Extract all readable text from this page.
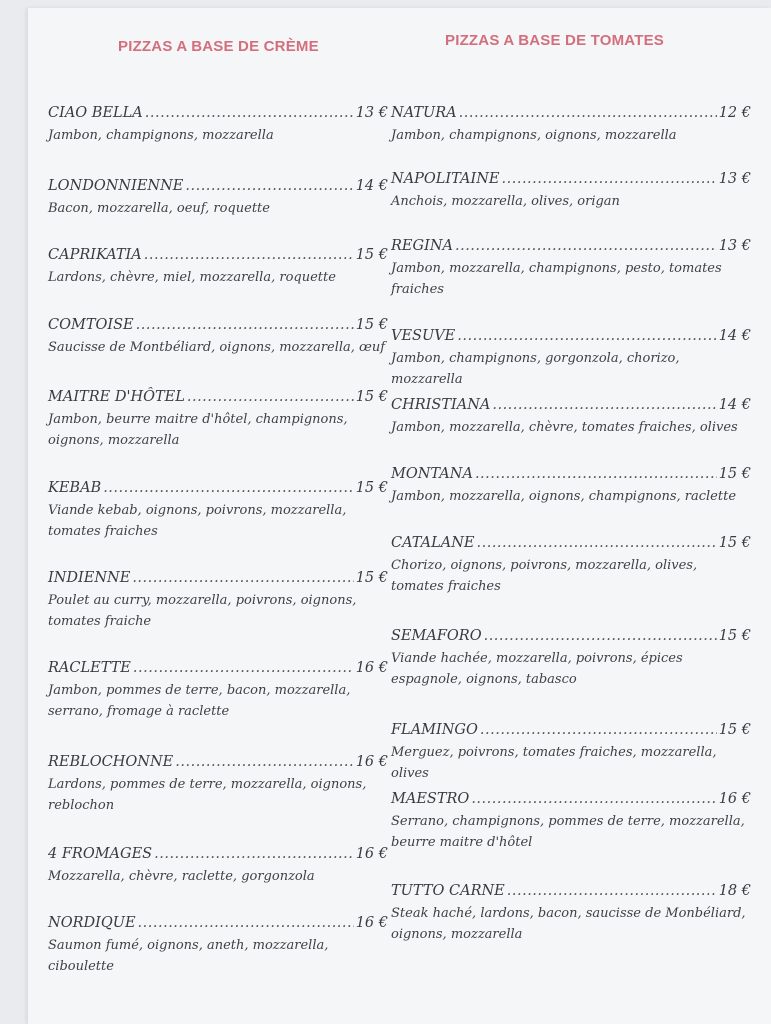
PIZZAS A BASE DE CRÈME
CIAO BELLA .....	13 €
Jambon, champignons, mozzarella
LONDONNIENNE .....	14 €
Bacon, mozzarella, oeuf, roquette
CAPRIKATIA .....	15 €
Lardons, chèvre, miel, mozzarella, roquette
COMTOISE .....	15 €
Saucisse de Montbéliard, oignons, mozzarella, œuf
MAITRE D'HÔTEL .....	15 €
Jambon, beurre maitre d'hôtel, champignons, oignons, mozzarella
KEBAB .....	15 €
Viande kebab, oignons, poivrons, mozzarella, tomates fraiches
INDIENNE .....	15 €
Poulet au curry, mozzarella, poivrons, oignons, tomates fraiche
RACLETTE .....	16 €
Jambon, pommes de terre, bacon, mozzarella, serrano, fromage à raclette
REBLOCHONNE .....	16 €
Lardons, pommes de terre, mozzarella, oignons, reblochon
4 FROMAGES .....	16 €
Mozzarella, chèvre, raclette, gorgonzola
NORDIQUE .....	16 €
Saumon fumé, oignons, aneth, mozzarella, ciboulette
PIZZAS A BASE DE TOMATES
NATURA .....	12 €
Jambon, champignons, oignons, mozzarella
NAPOLITAINE .....	13 €
Anchois, mozzarella, olives, origan
REGINA .....	13 €
Jambon, mozzarella, champignons, pesto, tomates fraiches
VESUVE .....	14 €
Jambon, champignons, gorgonzola, chorizo, mozzarella
CHRISTIANA .....	14 €
Jambon, mozzarella, chèvre, tomates fraiches, olives
MONTANA .....	15 €
Jambon, mozzarella, oignons, champignons, raclette
CATALANE .....	15 €
Chorizo, oignons, poivrons, mozzarella, olives, tomates fraiches
SEMAFORO .....	15 €
Viande hachée, mozzarella, poivrons, épices espagnole, oignons, tabasco
FLAMINGO .....	15 €
Merguez, poivrons, tomates fraiches, mozzarella, olives
MAESTRO .....	16 €
Serrano, champignons, pommes de terre, mozzarella, beurre maitre d'hôtel
TUTTO CARNE .....	18 €
Steak haché, lardons, bacon, saucisse de Monbéliard, oignons, mozzarella
